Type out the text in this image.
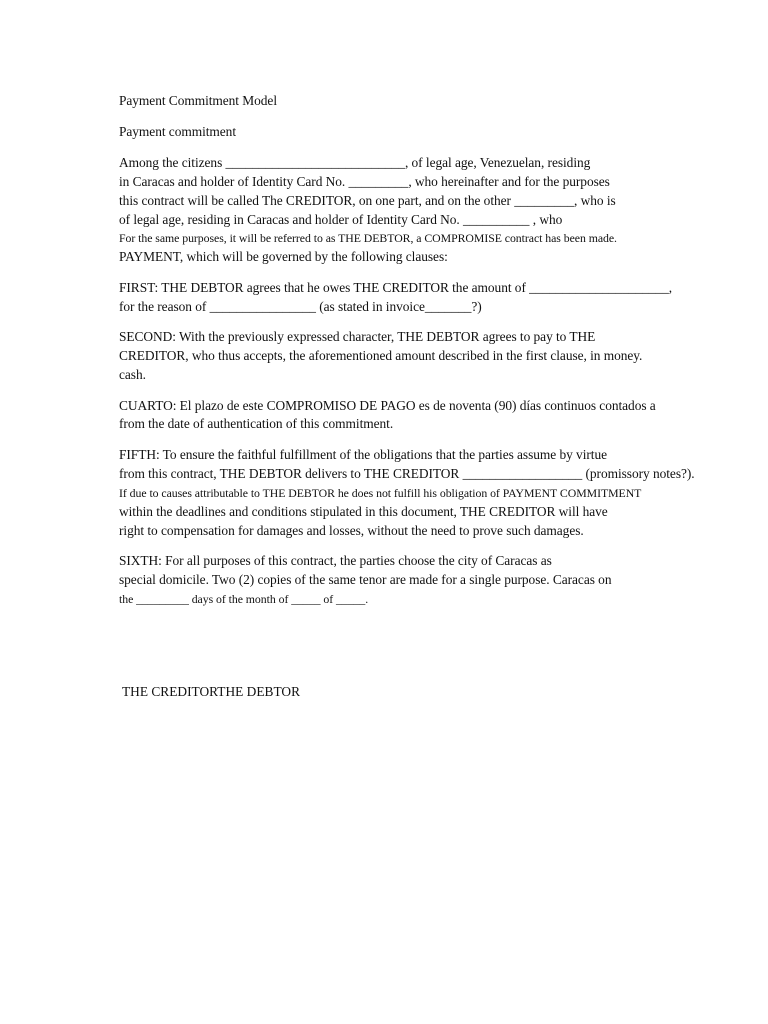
Payment Commitment Model
Payment commitment
Among the citizens ___________________________, of legal age, Venezuelan, residing
in Caracas and holder of Identity Card No. _________, who hereinafter and for the purposes
this contract will be called The CREDITOR, on one part, and on the other _________, who is
of legal age, residing in Caracas and holder of Identity Card No. __________ , who
For the same purposes, it will be referred to as THE DEBTOR, a COMPROMISE contract has been made.
PAYMENT, which will be governed by the following clauses:
FIRST: THE DEBTOR agrees that he owes THE CREDITOR the amount of _____________________,
for the reason of ________________ (as stated in invoice_______?)
SECOND: With the previously expressed character, THE DEBTOR agrees to pay to THE
CREDITOR, who thus accepts, the aforementioned amount described in the first clause, in money.
cash.
CUARTO: El plazo de este COMPROMISO DE PAGO es de noventa (90) días continuos contados a
from the date of authentication of this commitment.
FIFTH: To ensure the faithful fulfillment of the obligations that the parties assume by virtue
from this contract, THE DEBTOR delivers to THE CREDITOR __________________ (promissory notes?).
If due to causes attributable to THE DEBTOR he does not fulfill his obligation of PAYMENT COMMITMENT
within the deadlines and conditions stipulated in this document, THE CREDITOR will have
right to compensation for damages and losses, without the need to prove such damages.
SIXTH: For all purposes of this contract, the parties choose the city of Caracas as
special domicile. Two (2) copies of the same tenor are made for a single purpose. Caracas on
the _________ days of the month of _____ of _____.
THE CREDITORTHE DEBTOR
